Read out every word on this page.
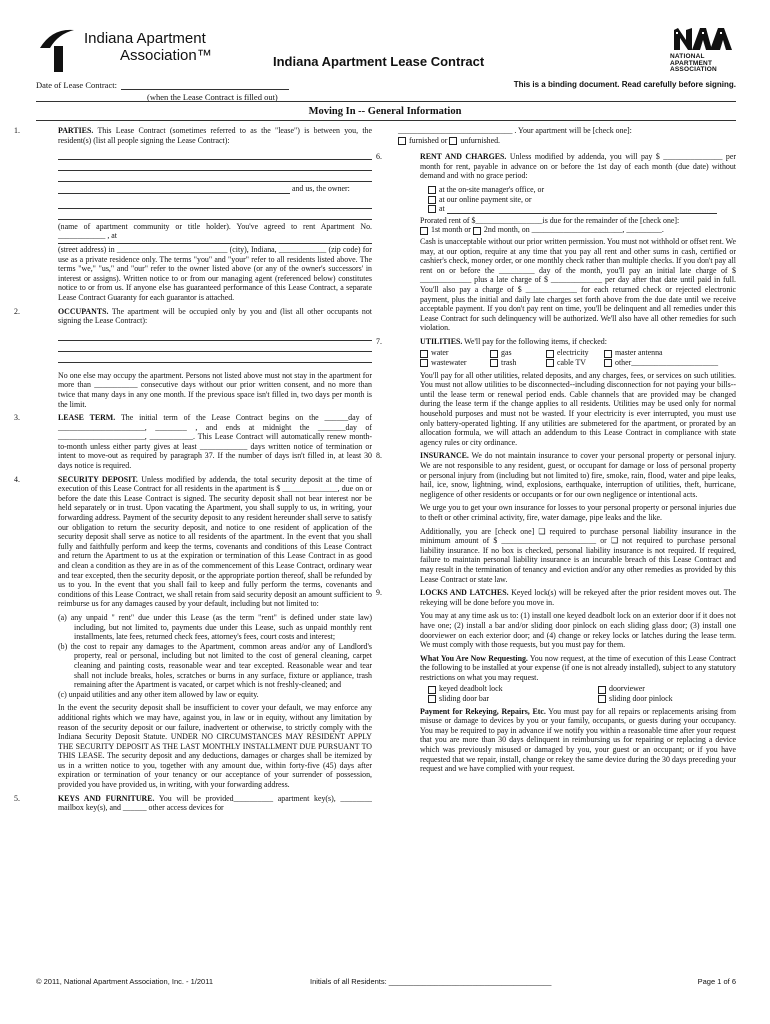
Indiana Apartment
Association™	Indiana Apartment Lease Contract	NATIONAL
APARTMENT
ASSOCIATION
Date of Lease Contract:
(when the Lease Contract is filled out)
This is a binding document. Read carefully before signing.
Moving In -- General Information

1.	PARTIES. This Lease Contract (sometimes referred to as the "lease") is between you, the resident(s) (list all people signing the Lease Contract):

and us, the owner:

(name of apartment community or title holder). You've agreed to rent Apartment No. ____________ , at

(street address) in ____________________________ (city), Indiana, ____________ (zip code) for use as a private residence only. The terms "you" and "your" refer to all residents listed above. The terms "we," "us," and "our" refer to the owner listed above (or any of the owner's successors' in interest or assigns). Written notice to or from our managing agent (referenced below) constitutes notice to or from us. If anyone else has guaranteed performance of this Lease Contract, a separate Lease Contract Guaranty for each guarantor is attached.

2.	OCCUPANTS. The apartment will be occupied only by you and (list all other occupants not signing the Lease Contract):

No one else may occupy the apartment. Persons not listed above must not stay in the apartment for more than ___________ consecutive days without our prior written consent, and no more than twice that many days in any one month. If the previous space isn't filled in, two days per month is the limit.

3.	LEASE TERM. The initial term of the Lease Contract begins on the ______day of ______________________, ________ , and ends at midnight the _______day of ______________________, ___________. This Lease Contract will automatically renew month-to-month unless either party gives at least ____________ days written notice of termination or intent to move-out as required by paragraph 37. If the number of days isn't filled in, at least 30 days notice is required.

4.	SECURITY DEPOSIT. Unless modified by addenda, the total security deposit at the time of execution of this Lease Contract for all residents in the apartment is $ ______________, due on or before the date this Lease Contract is signed. The security deposit shall not bear interest nor be held separately or in trust. Upon vacating the Apartment, you shall supply to us, in writing, your forwarding address. Payment of the security deposit to any resident hereunder shall serve to satisfy our obligation to return the security deposit, and notice to one resident of application of the security deposit shall serve as notice to all residents of the apartment. In the event that you shall fully and faithfully perform and keep the terms, covenants and conditions of this Lease Contract and return the Apartment to us at the expiration or termination of this Lease Contract in as good and clean a condition as they are in as of the commencement of this Lease Contract, ordinary wear and tear excepted, then the security deposit, or the appropriate portion thereof, shall be refunded by us to you. In the event that you shall fail to keep and fully perform the terms, covenants and conditions of this Lease Contract, we shall retain from said security deposit an amount sufficient to reimburse us for any damages caused by your default, including but not limited to:

(a) any unpaid " rent" due under this Lease (as the term "rent" is defined under state law) including, but not limited to, payments due under this Lease, such as unpaid monthly rent installments, late fees, returned check fees, attorney's fees, court costs and interest;

(b) the cost to repair any damages to the Apartment, common areas and/or any of Landlord's property, real or personal, including but not limited to the cost of general cleaning, carpet cleaning and painting costs, reasonable wear and tear excepted. Reasonable wear and tear shall not include breaks, holes, scratches or burns in any surface, fixture or appliance, trash remaining after the Apartment is vacated, or carpet which is not freshly-cleaned; and

(c) unpaid utilities and any other item allowed by law or equity.

In the event the security deposit shall be insufficient to cover your default, we may enforce any additional rights which we may have, against you, in law or in equity, without any limitation by reason of the security deposit or our failure, inadvertent or otherwise, to strictly comply with the Indiana Security Deposit Statute. UNDER NO CIRCUMSTANCES MAY RESIDENT APPLY THE SECURITY DEPOSIT AS THE LAST MONTHLY INSTALLMENT DUE PURSUANT TO THIS LEASE. The security deposit and any deductions, damages or charges shall be itemized by us in a written notice to you, together with any amount due, within forty-five (45) days after expiration or termination of your tenancy or our acceptance of your surrender of possession, provided you have provided us, in writing, with your forwarding address.

5.	KEYS AND FURNITURE. You will be provided__________ apartment key(s), ________ mailbox key(s), and ______ other access devices for

_____________________________ . Your apartment will be [check one]:

furnished or unfurnished.

6.	RENT AND CHARGES. Unless modified by addenda, you will pay $ _______________ per month for rent, payable in advance on or before the 1st day of each month (due date) without demand and with no grace period:

at the on-site manager's office, or

at our online payment site, or

at

Prorated rent of $_________________is due for the remainder of the [check one]:

1st month or 2nd month, on _______________________, _________.

Cash is unacceptable without our prior written permission. You must not withhold or offset rent. We may, at our option, require at any time that you pay all rent and other sums in cash, certified or cashier's check, money order, or one monthly check rather than multiple checks. If you don't pay all rent on or before the _________ day of the month, you'll pay an initial late charge of $ _____________ plus a late charge of $ _____________ per day after that date until paid in full. You'll also pay a charge of $ _____________ for each returned check or rejected electronic payment, plus the initial and daily late charges set forth above from the due date until we receive acceptable payment. If you don't pay rent on time, you'll be delinquent and all remedies under this Lease Contract for such delinquency will be authorized. We'll also have all other remedies for such violation.

7.	UTILITIES. We'll pay for the following items, if checked:

water	gas	electricity	master antenna
wastewater	trash	cable TV	other______________________

You'll pay for all other utilities, related deposits, and any charges, fees, or services on such utilities. You must not allow utilities to be disconnected--including disconnection for not paying your bills--until the lease term or renewal period ends. Cable channels that are provided may be changed during the lease term if the change applies to all residents. Utilities may be used only for normal household purposes and must not be wasted. If your electricity is ever interrupted, you must use only battery-operated lighting. If any utilities are submetered for the apartment, or prorated by an allocation formula, we will attach an addendum to this Lease Contract in compliance with state agency rules or city ordinance.

8.	INSURANCE. We do not maintain insurance to cover your personal property or personal injury. We are not responsible to any resident, guest, or occupant for damage or loss of personal property or personal injury from (including but not limited to) fire, smoke, rain, flood, water and pipe leaks, hail, ice, snow, lightning, wind, explosions, earthquake, interruption of utilities, theft, hurricane, negligence of other residents or occupants or for our own negligence or intentional acts.

We urge you to get your own insurance for losses to your personal property or personal injuries due to theft or other criminal activity, fire, water damage, pipe leaks and the like.

Additionally, you are [check one] ❑ required to purchase personal liability insurance in the minimum amount of $ ________________________ or ❑ not required to purchase personal liability insurance. If no box is checked, personal liability insurance is not required. If required, failure to maintain personal liability insurance is an incurable breach of this Lease Contract and may result in the termination of tenancy and eviction and/or any other remedies as provided by this Lease Contract or state law.

9.	LOCKS AND LATCHES. Keyed lock(s) will be rekeyed after the prior resident moves out. The rekeying will be done before you move in.

You may at any time ask us to: (1) install one keyed deadbolt lock on an exterior door if it does not have one; (2) install a bar and/or sliding door pinlock on each sliding glass door; (3) install one doorviewer on each exterior door; and (4) change or rekey locks or latches during the lease term. We must comply with those requests, but you must pay for them.

What You Are Now Requesting. You now request, at the time of execution of this Lease Contract the following to be installed at your expense (if one is not already installed), subject to any statutory restrictions on what you may request.

keyed deadbolt lock	doorviewer
sliding door bar	sliding door pinlock

Payment for Rekeying, Repairs, Etc. You must pay for all repairs or replacements arising from misuse or damage to devices by you or your family, occupants, or guests during your occupancy. You may be required to pay in advance if we notify you within a reasonable time after your request that you are more than 30 days delinquent in reimbursing us for repairing or replacing a device which was previously misused or damaged by you, your guest or an occupant; or if you have requested that we repair, install, change or rekey the same device during the 30 days preceding your request and we have complied with your request.

© 2011, National Apartment Association, Inc. - 1/2011	Initials of all Residents: _______________________________________	Page 1 of 6
